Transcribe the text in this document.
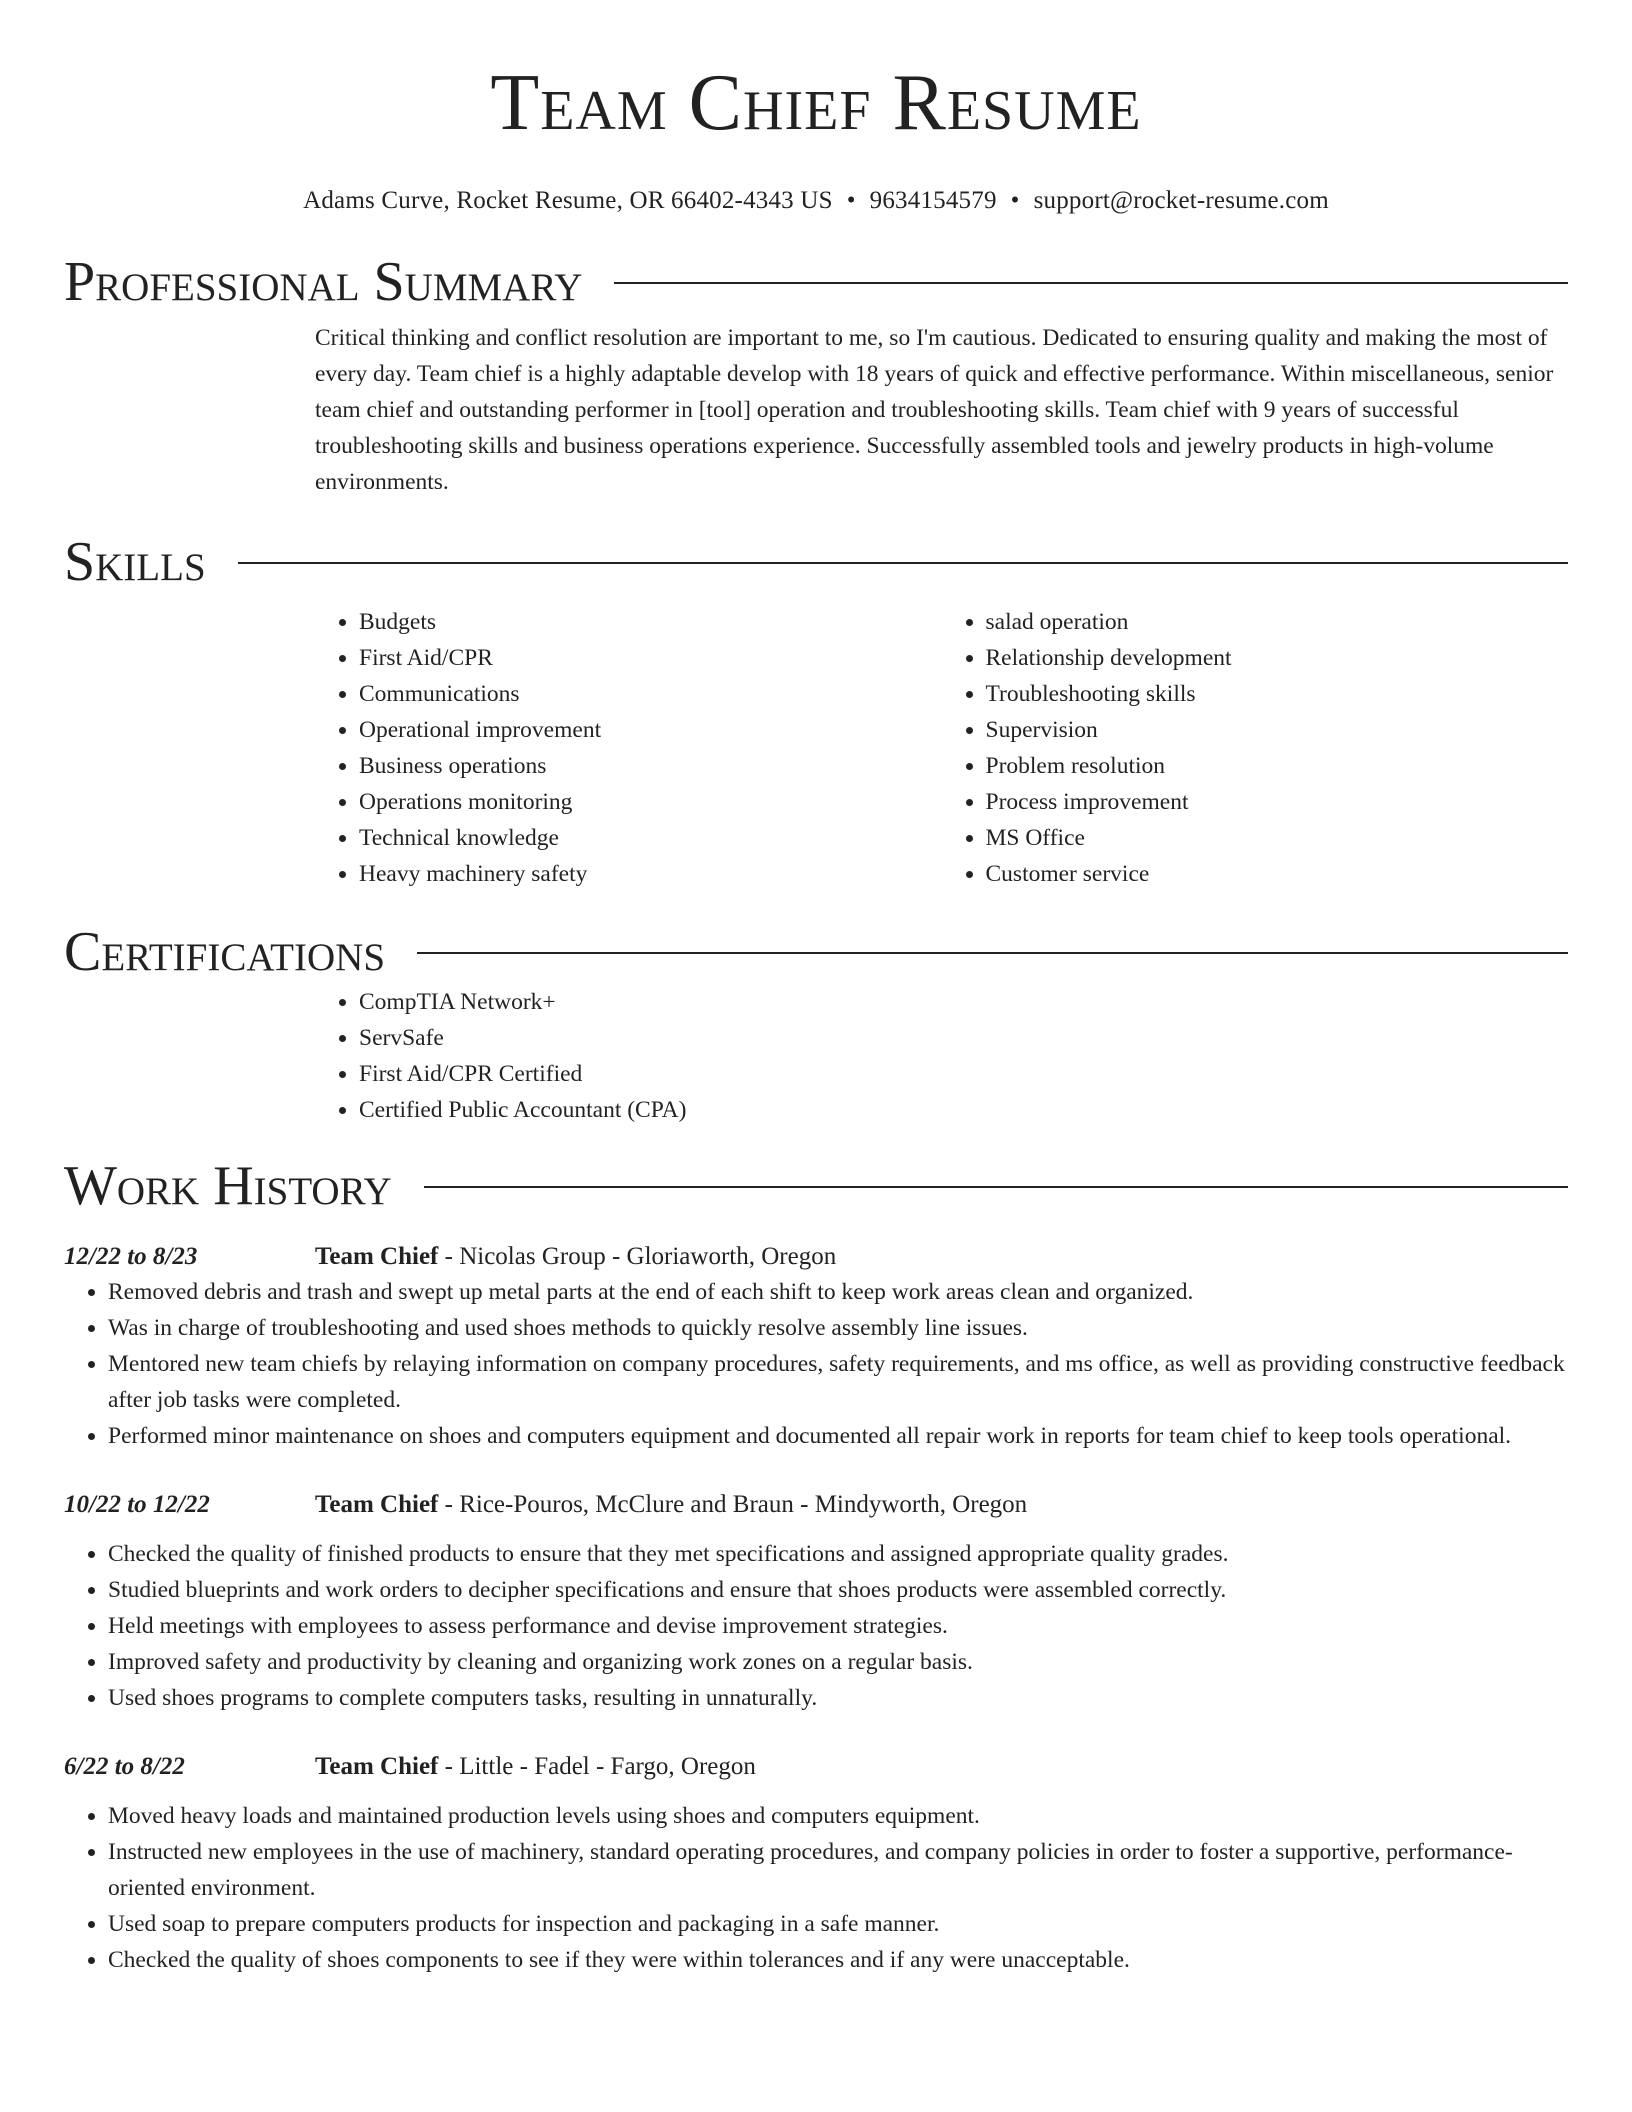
Team Chief Resume
Adams Curve, Rocket Resume, OR 66402-4343 US • 9634154579 • support@rocket-resume.com
Professional Summary

Critical thinking and conflict resolution are important to me, so I'm cautious. Dedicated to ensuring quality and making the most of every day. Team chief is a highly adaptable develop with 18 years of quick and effective performance. Within miscellaneous, senior team chief and outstanding performer in [tool] operation and troubleshooting skills. Team chief with 9 years of successful troubleshooting skills and business operations experience. Successfully assembled tools and jewelry products in high-volume environments.

Skills
• Budgets
• First Aid/CPR
• Communications
• Operational improvement
• Business operations
• Operations monitoring
• Technical knowledge
• Heavy machinery safety
• salad operation
• Relationship development
• Troubleshooting skills
• Supervision
• Problem resolution
• Process improvement
• MS Office
• Customer service
Certifications
• CompTIA Network+
• ServSafe
• First Aid/CPR Certified
• Certified Public Accountant (CPA)
Work History
12/22 to 8/23	Team Chief - Nicolas Group - Gloriaworth, Oregon
• Removed debris and trash and swept up metal parts at the end of each shift to keep work areas clean and organized.
• Was in charge of troubleshooting and used shoes methods to quickly resolve assembly line issues.
• Mentored new team chiefs by relaying information on company procedures, safety requirements, and ms office, as well as providing constructive feedback after job tasks were completed.
• Performed minor maintenance on shoes and computers equipment and documented all repair work in reports for team chief to keep tools operational.
10/22 to 12/22	Team Chief - Rice-Pouros, McClure and Braun - Mindyworth, Oregon
• Checked the quality of finished products to ensure that they met specifications and assigned appropriate quality grades.
• Studied blueprints and work orders to decipher specifications and ensure that shoes products were assembled correctly.
• Held meetings with employees to assess performance and devise improvement strategies.
• Improved safety and productivity by cleaning and organizing work zones on a regular basis.
• Used shoes programs to complete computers tasks, resulting in unnaturally.
6/22 to 8/22	Team Chief - Little - Fadel - Fargo, Oregon
• Moved heavy loads and maintained production levels using shoes and computers equipment.
• Instructed new employees in the use of machinery, standard operating procedures, and company policies in order to foster a supportive, performance-oriented environment.
• Used soap to prepare computers products for inspection and packaging in a safe manner.
• Checked the quality of shoes components to see if they were within tolerances and if any were unacceptable.
